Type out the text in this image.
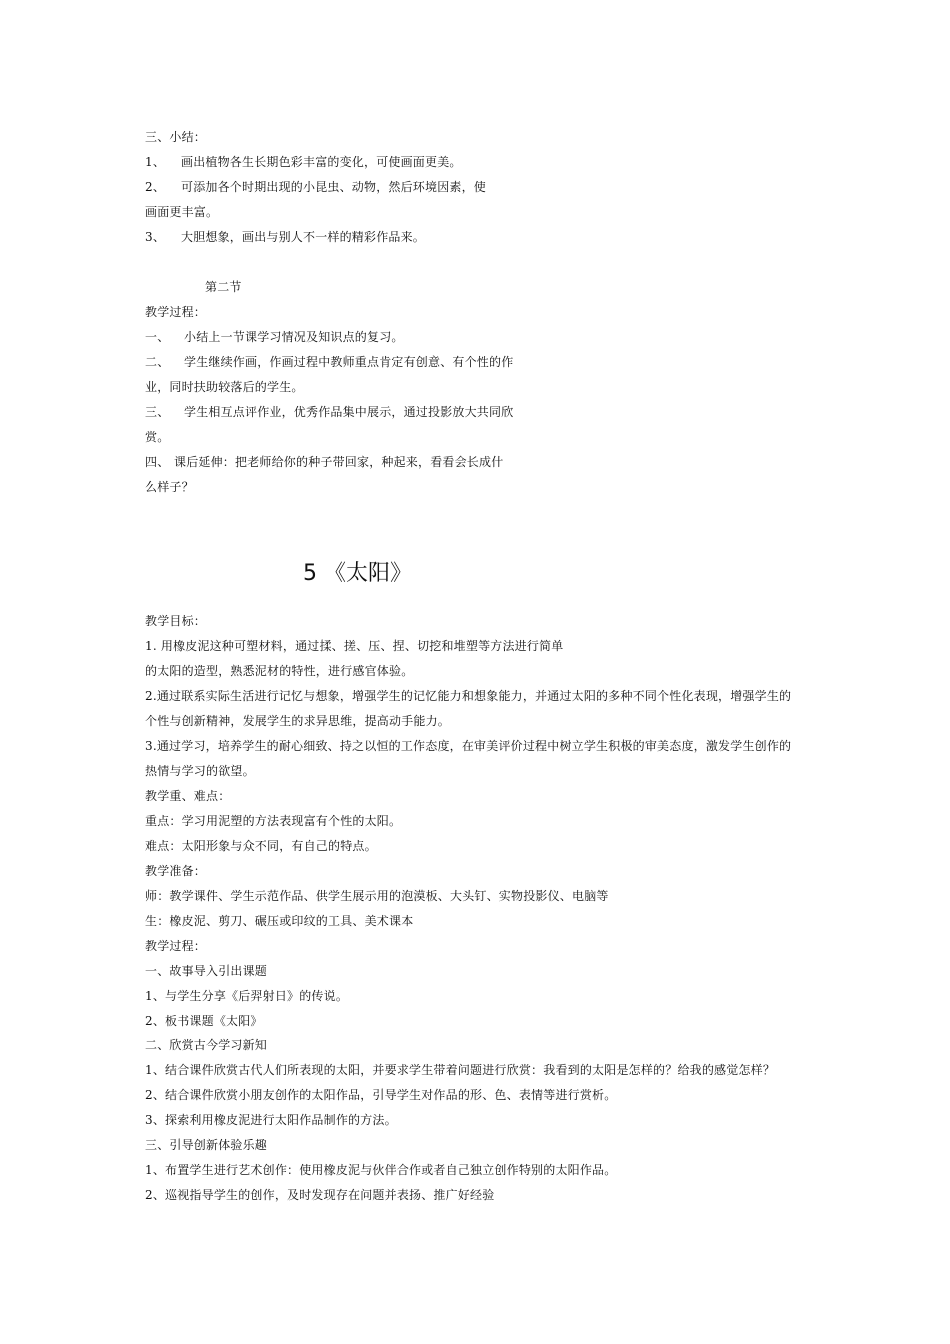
三、小结：
1、 画出植物各生长期色彩丰富的变化，可使画面更美。
2、 可添加各个时期出现的小昆虫、动物，然后环境因素，使
画面更丰富。
3、 大胆想象，画出与别人不一样的精彩作品来。
第二节
教学过程：
一、 小结上一节课学习情况及知识点的复习。
二、 学生继续作画，作画过程中教师重点肯定有创意、有个性的作
业，同时扶助较落后的学生。
三、 学生相互点评作业，优秀作品集中展示，通过投影放大共同欣
赏。
四、 课后延伸：把老师给你的种子带回家，种起来，看看会长成什
么样子？
5 《太阳》
教学目标：
1. 用橡皮泥这种可塑材料，通过揉、搓、压、捏、切挖和堆塑等方法进行简单
的太阳的造型，熟悉泥材的特性，进行感官体验。
2.通过联系实际生活进行记忆与想象，增强学生的记忆能力和想象能力，并通过太阳的多种不同个性化表现，增强学生的
个性与创新精神，发展学生的求异思维，提高动手能力。
3.通过学习，培养学生的耐心细致、持之以恒的工作态度，在审美评价过程中树立学生积极的审美态度，激发学生创作的
热情与学习的欲望。
教学重、难点：
重点：学习用泥塑的方法表现富有个性的太阳。
难点：太阳形象与众不同，有自己的特点。
教学准备：
师：教学课件、学生示范作品、供学生展示用的泡漠板、大头钉、实物投影仪、电脑等
生：橡皮泥、剪刀、碾压或印纹的工具、美术课本
教学过程：
一、故事导入引出课题
1、与学生分享《后羿射日》的传说。
2、板书课题《太阳》
二、欣赏古今学习新知
1、结合课件欣赏古代人们所表现的太阳，并要求学生带着问题进行欣赏：我看到的太阳是怎样的？给我的感觉怎样？
2、结合课件欣赏小朋友创作的太阳作品，引导学生对作品的形、色、表情等进行赏析。
3、探索利用橡皮泥进行太阳作品制作的方法。
三、引导创新体验乐趣
1、布置学生进行艺术创作：使用橡皮泥与伙伴合作或者自己独立创作特别的太阳作品。
2、巡视指导学生的创作，及时发现存在问题并表扬、推广好经验
